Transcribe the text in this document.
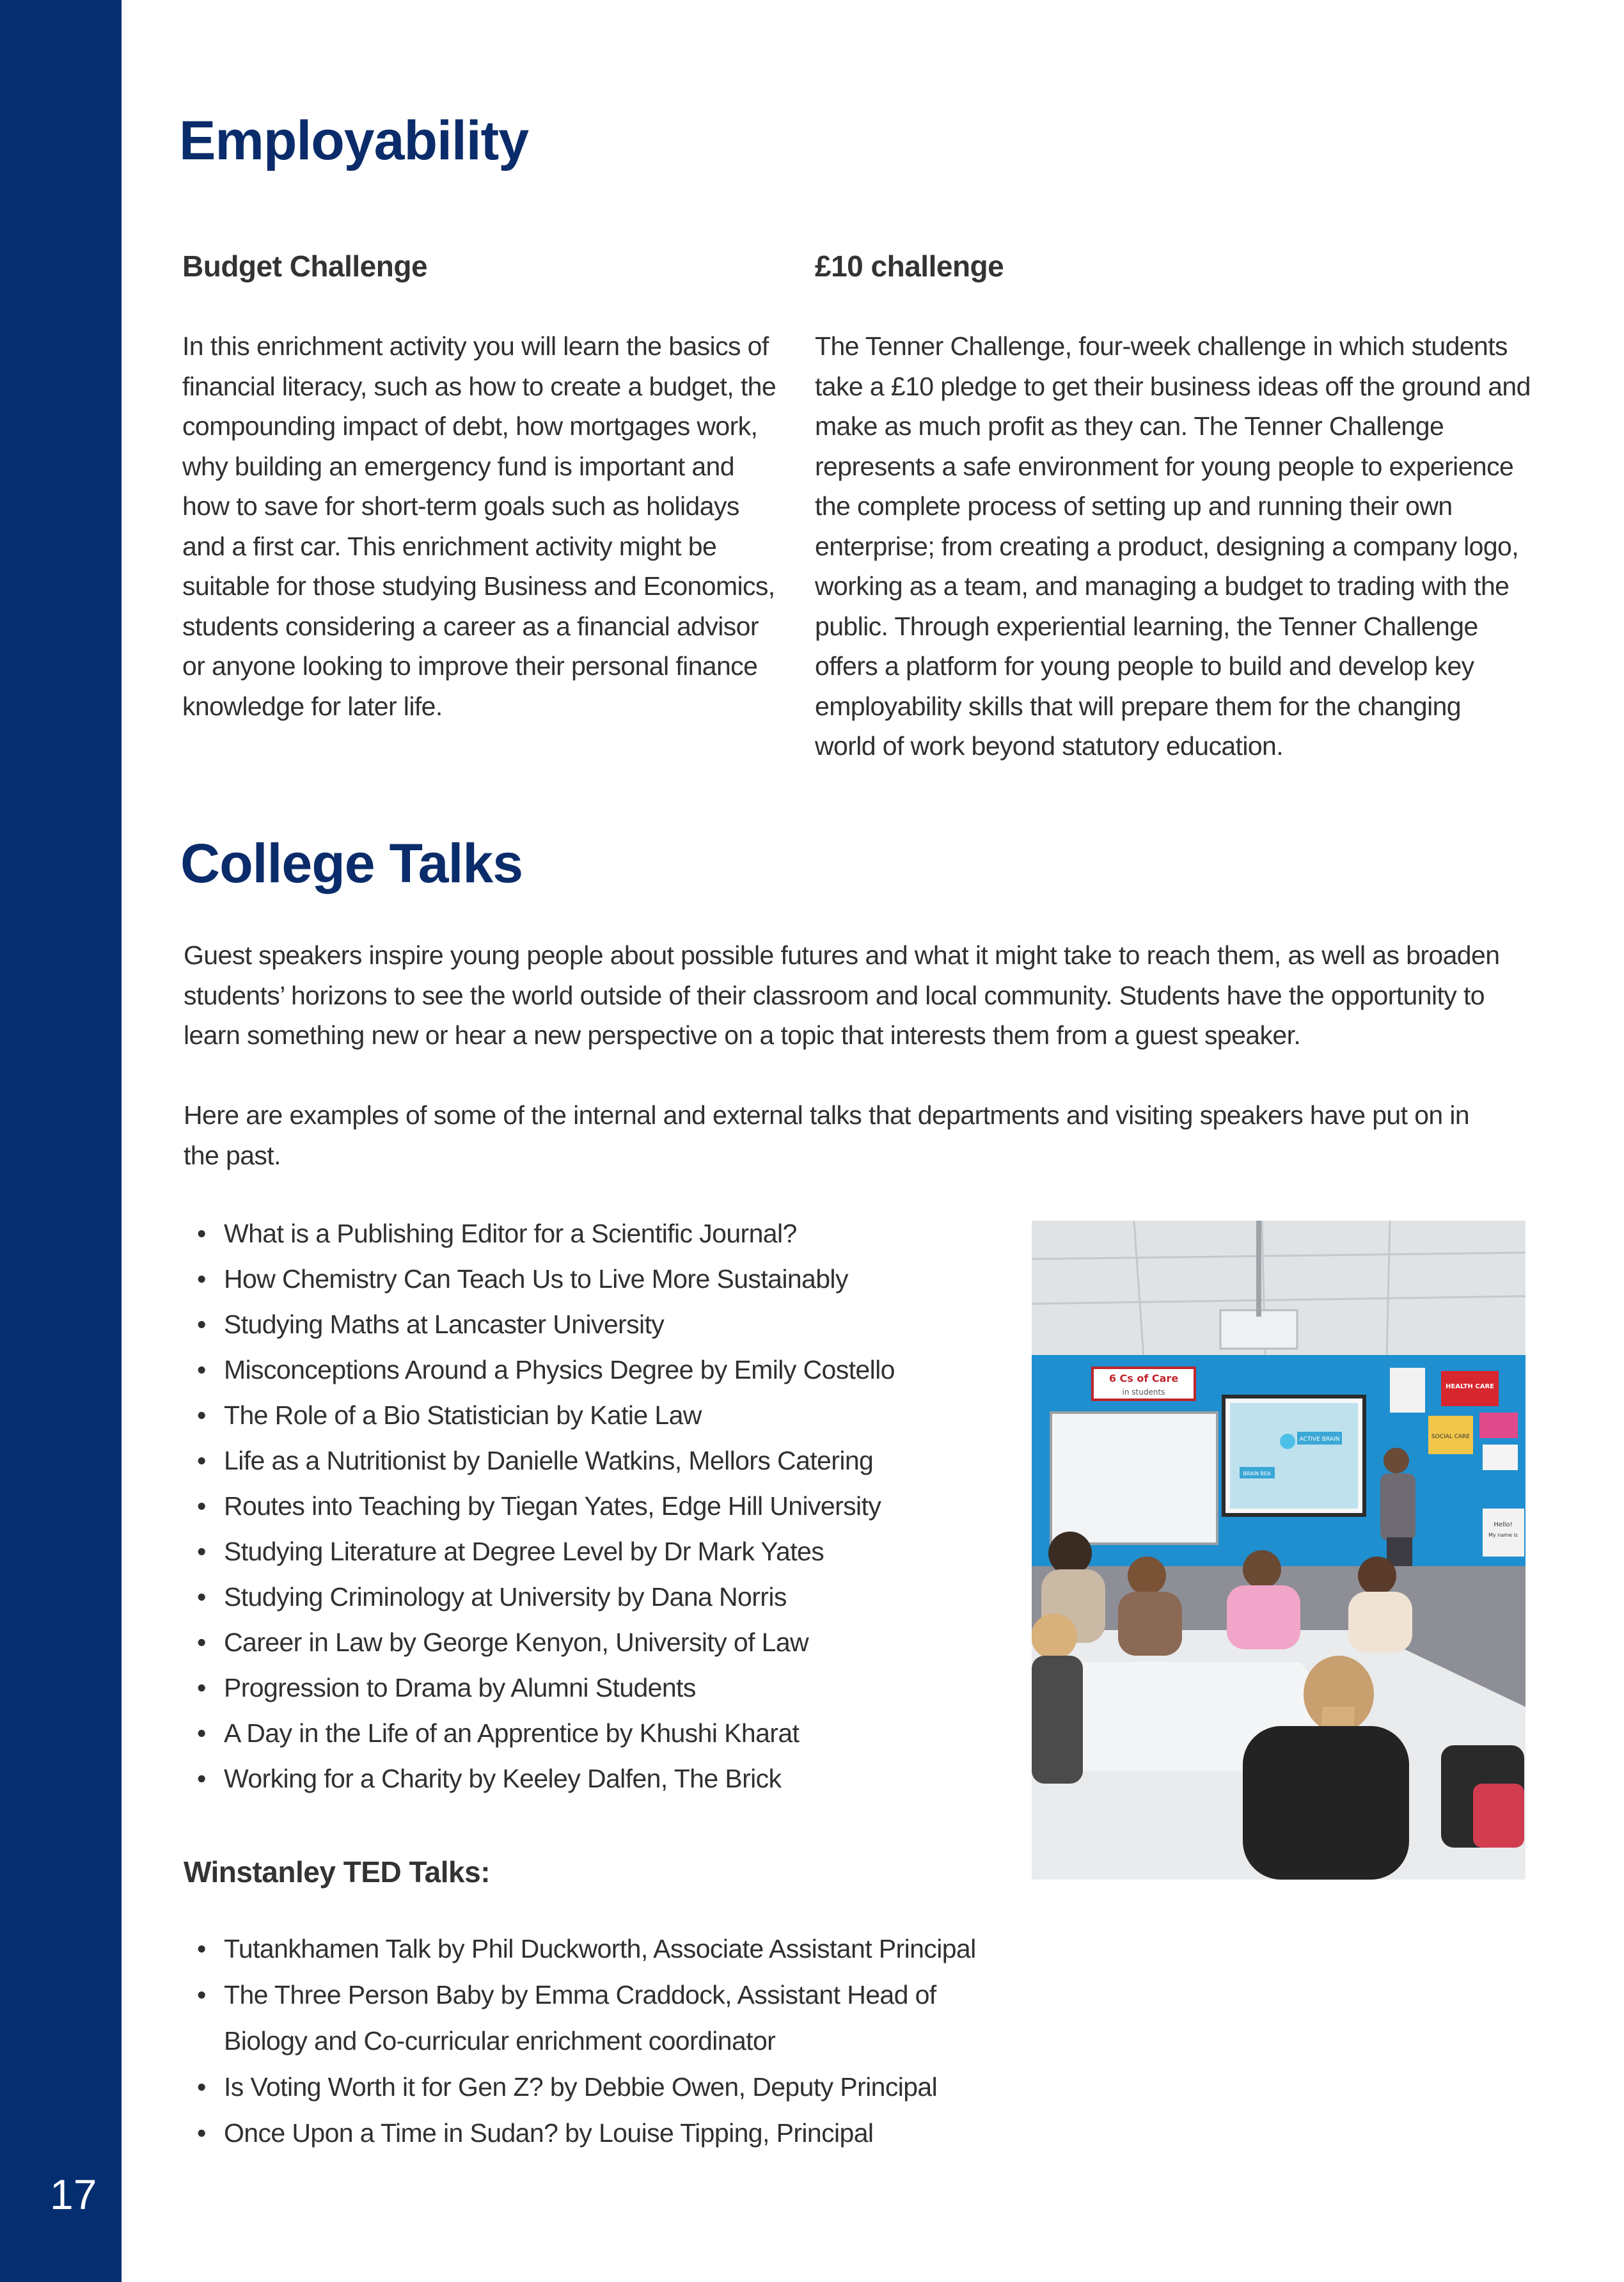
17
Employability
Budget Challenge
In this enrichment activity you will learn the basics of
financial literacy, such as how to create a budget, the
compounding impact of debt, how mortgages work,
why building an emergency fund is important and
how to save for short-term goals such as holidays
and a first car. This enrichment activity might be
suitable for those studying Business and Economics,
students considering a career as a financial advisor
or anyone looking to improve their personal finance
knowledge for later life.
£10 challenge
The Tenner Challenge, four-week challenge in which students
take a £10 pledge to get their business ideas off the ground and
make as much profit as they can. The Tenner Challenge
represents a safe environment for young people to experience
the complete process of setting up and running their own
enterprise; from creating a product, designing a company logo,
working as a team, and managing a budget to trading with the
public. Through experiential learning, the Tenner Challenge
offers a platform for young people to build and develop key
employability skills that will prepare them for the changing
world of work beyond statutory education.
College Talks
Guest speakers inspire young people about possible futures and what it might take to reach them, as well as broaden
students’ horizons to see the world outside of their classroom and local community. Students have the opportunity to
learn something new or hear a new perspective on a topic that interests them from a guest speaker.
Here are examples of some of the internal and external talks that departments and visiting speakers have put on in
the past.
• What is a Publishing Editor for a Scientific Journal?
• How Chemistry Can Teach Us to Live More Sustainably
• Studying Maths at Lancaster University
• Misconceptions Around a Physics Degree by Emily Costello
• The Role of a Bio Statistician by Katie Law
• Life as a Nutritionist by Danielle Watkins, Mellors Catering
• Routes into Teaching by Tiegan Yates, Edge Hill University
• Studying Literature at Degree Level by Dr Mark Yates
• Studying Criminology at University by Dana Norris
• Career in Law by George Kenyon, University of Law
• Progression to Drama by Alumni Students
• A Day in the Life of an Apprentice by Khushi Kharat
• Working for a Charity by Keeley Dalfen, The Brick
Winstanley TED Talks:
• Tutankhamen Talk by Phil Duckworth, Associate Assistant Principal
• The Three Person Baby by Emma Craddock, Assistant Head of
Biology and Co-curricular enrichment coordinator
• Is Voting Worth it for Gen Z? by Debbie Owen, Deputy Principal
• Once Upon a Time in Sudan? by Louise Tipping, Principal
6 Cs of Care
in students
ACTIVE BRAIN
BRAIN BEA
HEALTH CARE
SOCIAL CARE
Hello!
My name is
